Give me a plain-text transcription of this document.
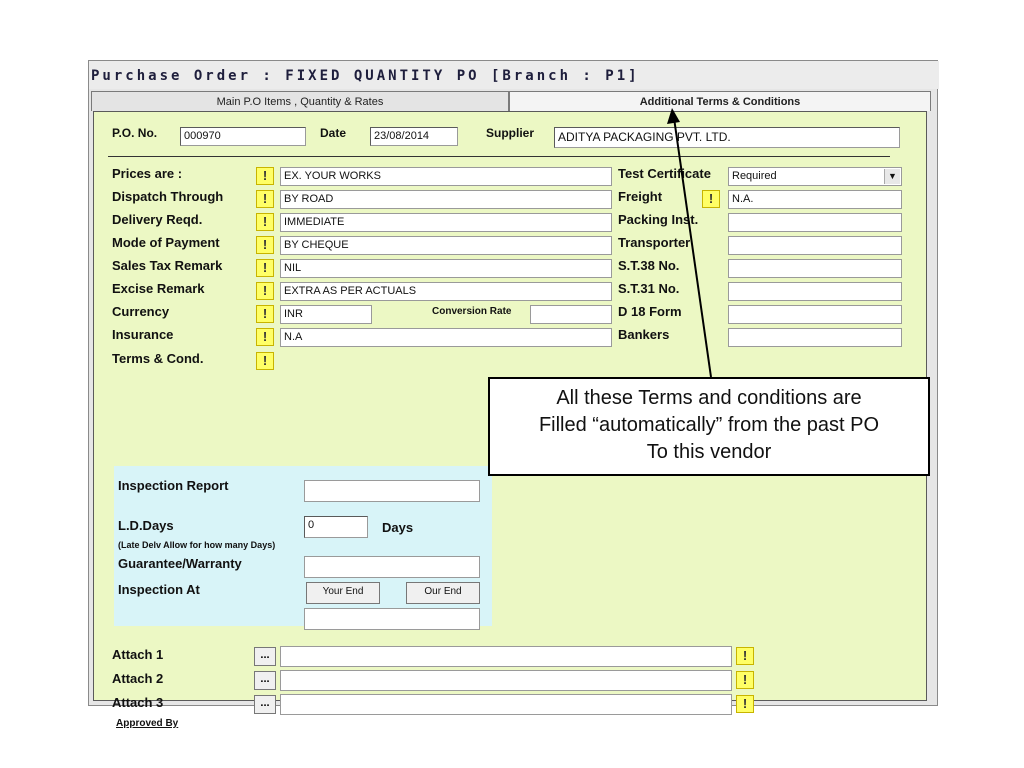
Purchase Order : FIXED QUANTITY PO [Branch : P1]
Main P.O Items , Quantity & Rates	Additional Terms & Conditions
P.O. No.	000970	Date	23/08/2014	Supplier	ADITYA PACKAGING PVT. LTD.
Prices are :	!	EX. YOUR WORKS
Dispatch Through	!	BY ROAD
Delivery Reqd.	!	IMMEDIATE
Mode of Payment	!	BY CHEQUE
Sales Tax Remark	!	NIL
Excise Remark	!	EXTRA AS PER ACTUALS
Currency	!	INR	Conversion Rate
Insurance	!	N.A
Terms & Cond.	!
Test Certificate	Required	▼
Freight	!	N.A.
Packing Inst.
Transporter
S.T.38 No.
S.T.31 No.
D 18 Form
Bankers
Inspection Report
L.D.Days	0	Days
(Late Delv Allow for how many Days)
Guarantee/Warranty
Inspection At	Your End	Our End
Attach 1	...	!
Attach 2	...	!
Attach 3	...	!
Approved By
All these Terms and conditions are
Filled “automatically” from the past PO
To this vendor
